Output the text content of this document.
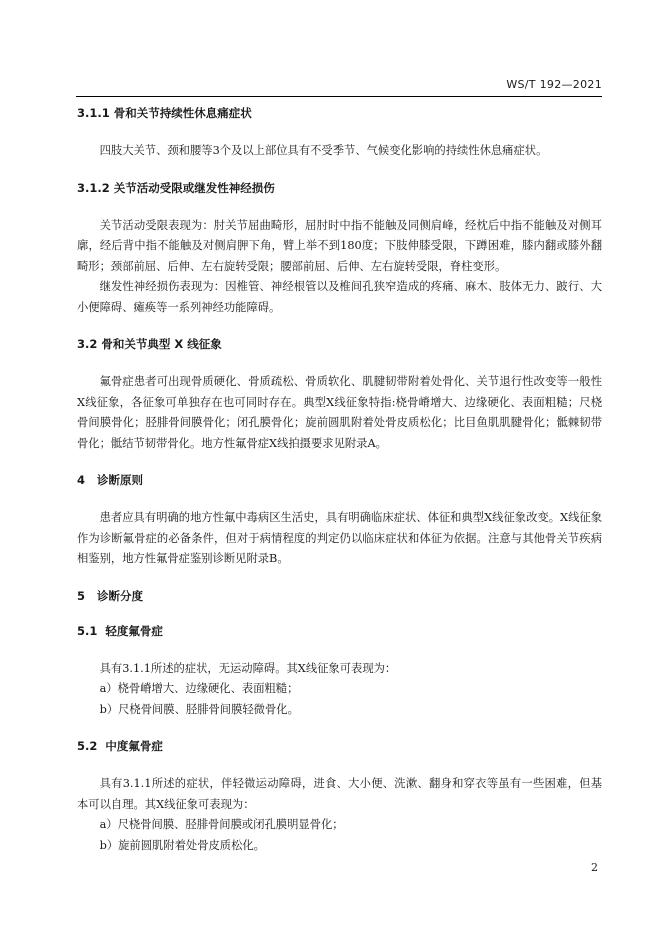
WS/T 192—2021
3.1.1 骨和关节持续性休息痛症状

四肢大关节、颈和腰等3个及以上部位具有不受季节、气候变化影响的持续性休息痛症状。

3.1.2 关节活动受限或继发性神经损伤

关节活动受限表现为：肘关节屈曲畸形，屈肘时中指不能触及同侧肩峰，经枕后中指不能触及对侧耳廓，经后背中指不能触及对侧肩胛下角，臂上举不到180度；下肢伸膝受限，下蹲困难，膝内翻或膝外翻畸形；颈部前屈、后伸、左右旋转受限；腰部前屈、后伸、左右旋转受限，脊柱变形。

继发性神经损伤表现为：因椎管、神经根管以及椎间孔狭窄造成的疼痛、麻木、肢体无力、跛行、大小便障碍、瘫痪等一系列神经功能障碍。

3.2 骨和关节典型 X 线征象

氟骨症患者可出现骨质硬化、骨质疏松、骨质软化、肌腱韧带附着处骨化、关节退行性改变等一般性X线征象，各征象可单独存在也可同时存在。典型X线征象特指:桡骨嵴增大、边缘硬化、表面粗糙；尺桡骨间膜骨化；胫腓骨间膜骨化；闭孔膜骨化；旋前圆肌附着处骨皮质松化；比目鱼肌肌腱骨化；骶棘韧带骨化；骶结节韧带骨化。地方性氟骨症X线拍摄要求见附录A。

4 诊断原则

患者应具有明确的地方性氟中毒病区生活史，具有明确临床症状、体征和典型X线征象改变。X线征象作为诊断氟骨症的必备条件，但对于病情程度的判定仍以临床症状和体征为依据。注意与其他骨关节疾病相鉴别，地方性氟骨症鉴别诊断见附录B。

5 诊断分度
5.1 轻度氟骨症

具有3.1.1所述的症状，无运动障碍。其X线征象可表现为：

a）桡骨嵴增大、边缘硬化、表面粗糙；

b）尺桡骨间膜、胫腓骨间膜轻微骨化。

5.2 中度氟骨症

具有3.1.1所述的症状，伴轻微运动障碍，进食、大小便、洗漱、翻身和穿衣等虽有一些困难，但基本可以自理。其X线征象可表现为：

a）尺桡骨间膜、胫腓骨间膜或闭孔膜明显骨化；

b）旋前圆肌附着处骨皮质松化。

2
